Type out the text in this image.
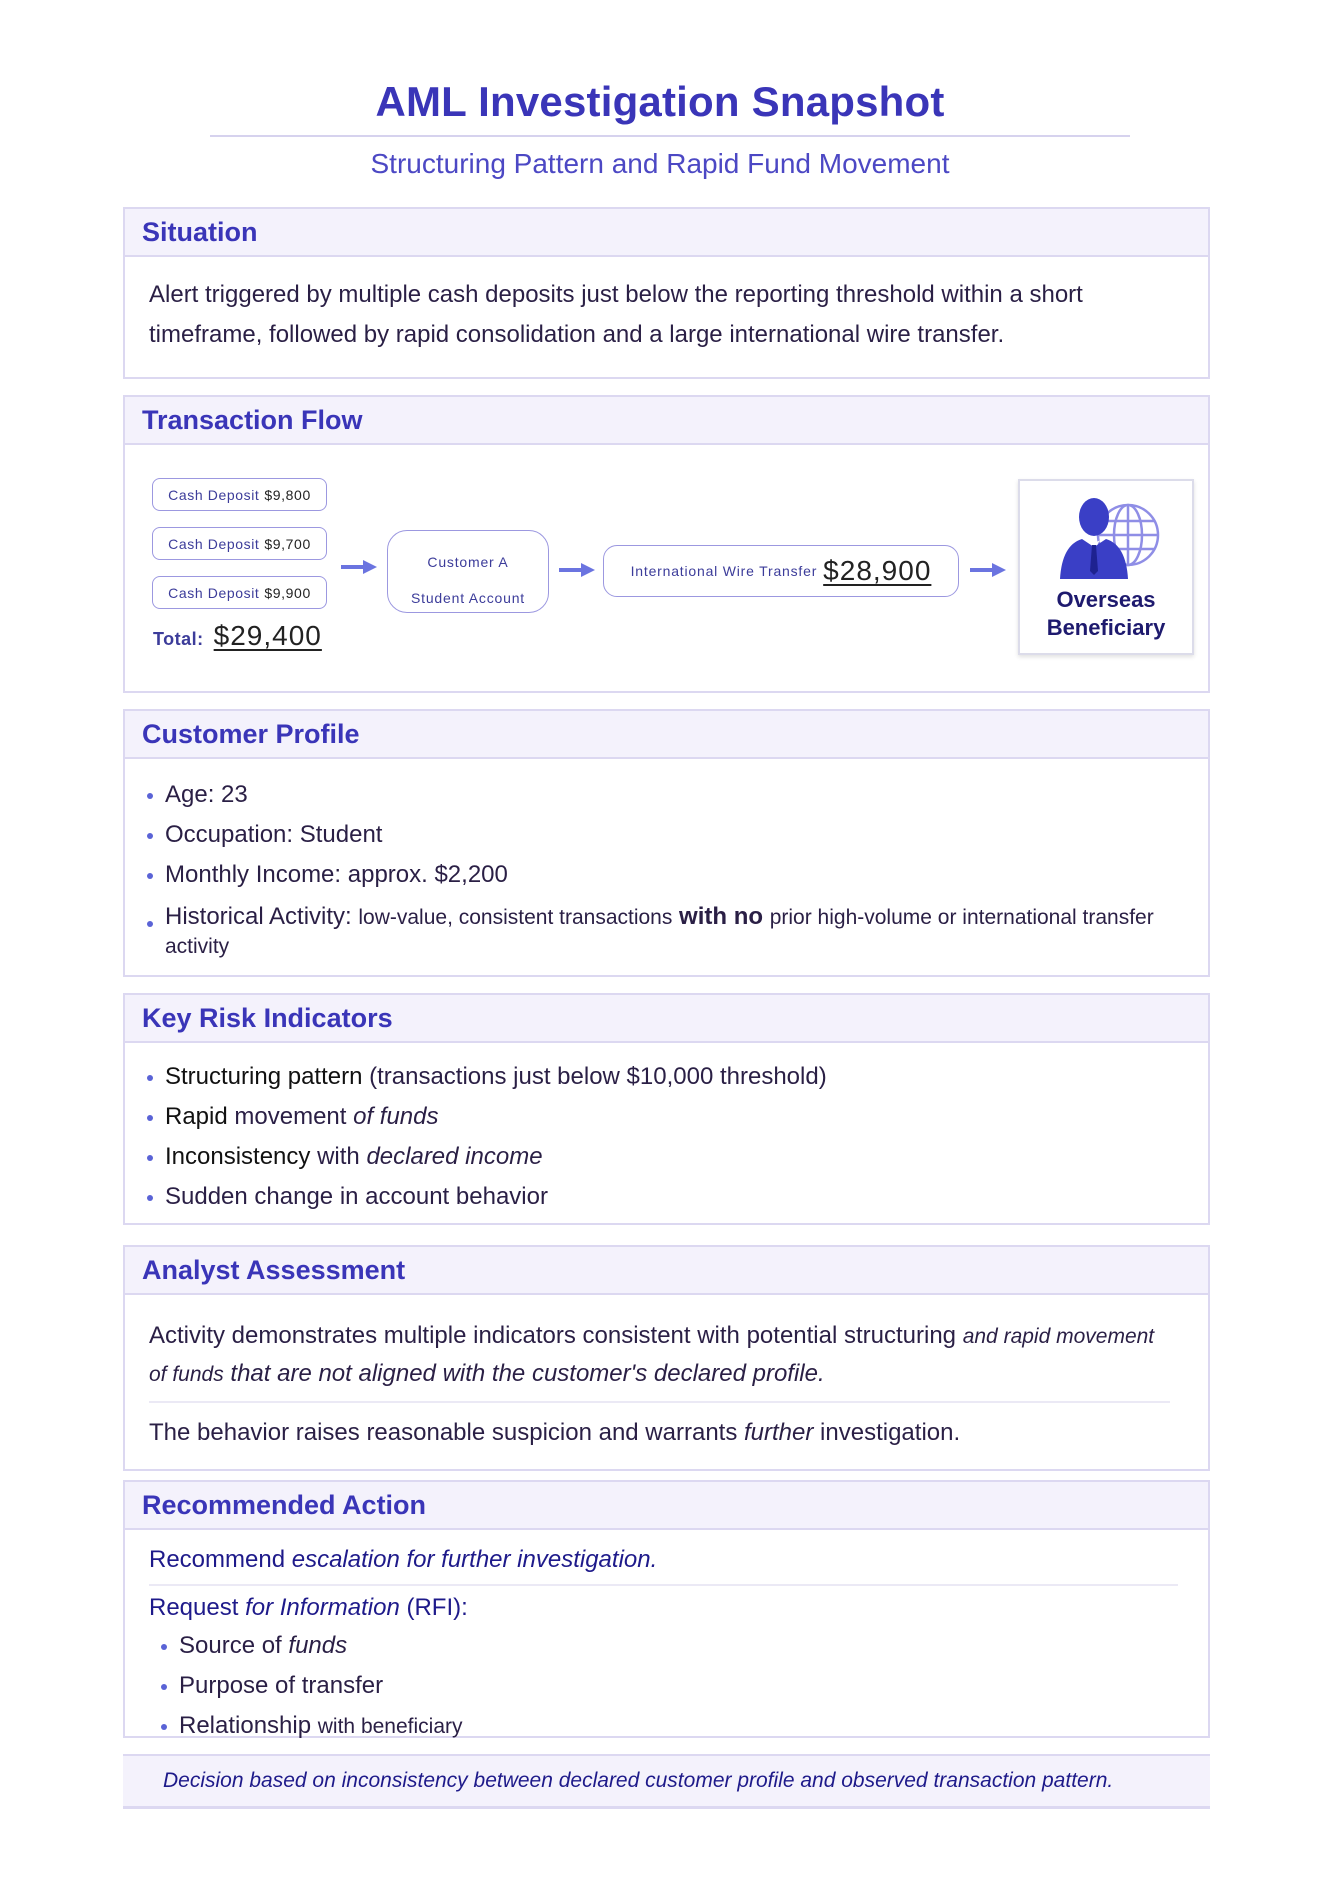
AML Investigation Snapshot
Structuring Pattern and Rapid Fund Movement
Situation

Alert triggered by multiple cash deposits just below the reporting threshold within a short timeframe, followed by rapid consolidation and a large international wire transfer.

Transaction Flow
Cash Deposit $9,800
Cash Deposit $9,700
Cash Deposit $9,900
Total: $29,400
Customer A
Student Account
International Wire Transfer $28,900
Overseas
Beneficiary
Customer Profile
Age: 23
Occupation: Student
Monthly Income: approx. $2,200
Historical Activity: low-value, consistent transactions with no prior high-volume or international transfer activity
Key Risk Indicators
Structuring pattern (transactions just below $10,000 threshold)
Rapid movement of funds
Inconsistency with declared income
Sudden change in account behavior
Analyst Assessment

Activity demonstrates multiple indicators consistent with potential structuring and rapid movement of funds that are not aligned with the customer's declared profile.

The behavior raises reasonable suspicion and warrants further investigation.

Recommended Action

Recommend escalation for further investigation.

Request for Information (RFI):

Source of funds
Purpose of transfer
Relationship with beneficiary
Decision based on inconsistency between declared customer profile and observed transaction pattern.
